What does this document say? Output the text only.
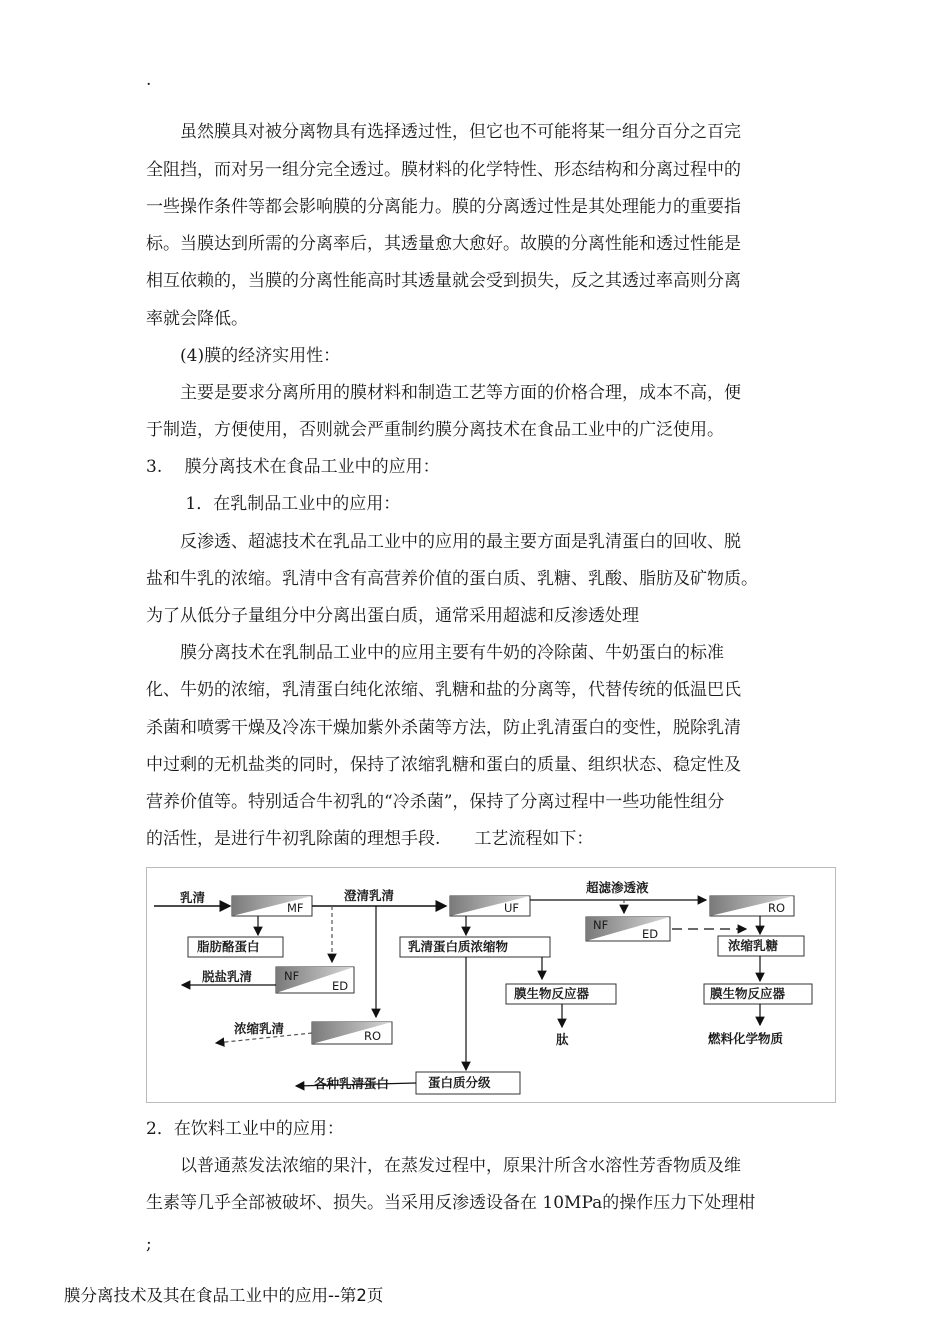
.

　　虽然膜具对被分离物具有选择透过性，但它也不可能将某一组分百分之百完

全阻挡，而对另一组分完全透过。膜材料的化学特性、形态结构和分离过程中的

一些操作条件等都会影响膜的分离能力。膜的分离透过性是其处理能力的重要指

标。当膜达到所需的分离率后，其透量愈大愈好。故膜的分离性能和透过性能是

相互依赖的，当膜的分离性能高时其透量就会受到损失，反之其透过率高则分离

率就会降低。

　　(4)膜的经济实用性：

　　主要是要求分离所用的膜材料和制造工艺等方面的价格合理，成本不高，便

于制造，方便使用，否则就会严重制约膜分离技术在食品工业中的广泛使用。

3.　 膜分离技术在食品工业中的应用：

　　 1．在乳制品工业中的应用：

　　反渗透、超滤技术在乳品工业中的应用的最主要方面是乳清蛋白的回收、脱

盐和牛乳的浓缩。乳清中含有高营养价值的蛋白质、乳糖、乳酸、脂肪及矿物质。

为了从低分子量组分中分离出蛋白质，通常采用超滤和反渗透处理

　　膜分离技术在乳制品工业中的应用主要有牛奶的冷除菌、牛奶蛋白的标准

化、牛奶的浓缩，乳清蛋白纯化浓缩、乳糖和盐的分离等，代替传统的低温巴氏

杀菌和喷雾干燥及冷冻干燥加紫外杀菌等方法，防止乳清蛋白的变性，脱除乳清

中过剩的无机盐类的同时，保持了浓缩乳糖和蛋白的质量、组织状态、稳定性及

营养价值等。特别适合牛初乳的“冷杀菌”，保持了分离过程中一些功能性组分

的活性，是进行牛初乳除菌的理想手段.　　工艺流程如下：

乳清
MF
脂肪酪蛋白
澄清乳清
NF
ED
脱盐乳清
RO
浓缩乳清
UF
乳清蛋白质浓缩物
膜生物反应器
肽
蛋白质分级
各种乳清蛋白
超滤渗透液
NF
ED
RO
浓缩乳糖
膜生物反应器
燃料化学物质

2．在饮料工业中的应用：

　　以普通蒸发法浓缩的果汁，在蒸发过程中，原果汁所含水溶性芳香物质及维

生素等几乎全部被破坏、损失。当采用反渗透设备在 10MPa的操作压力下处理柑

;
膜分离技术及其在食品工业中的应用--第2页
